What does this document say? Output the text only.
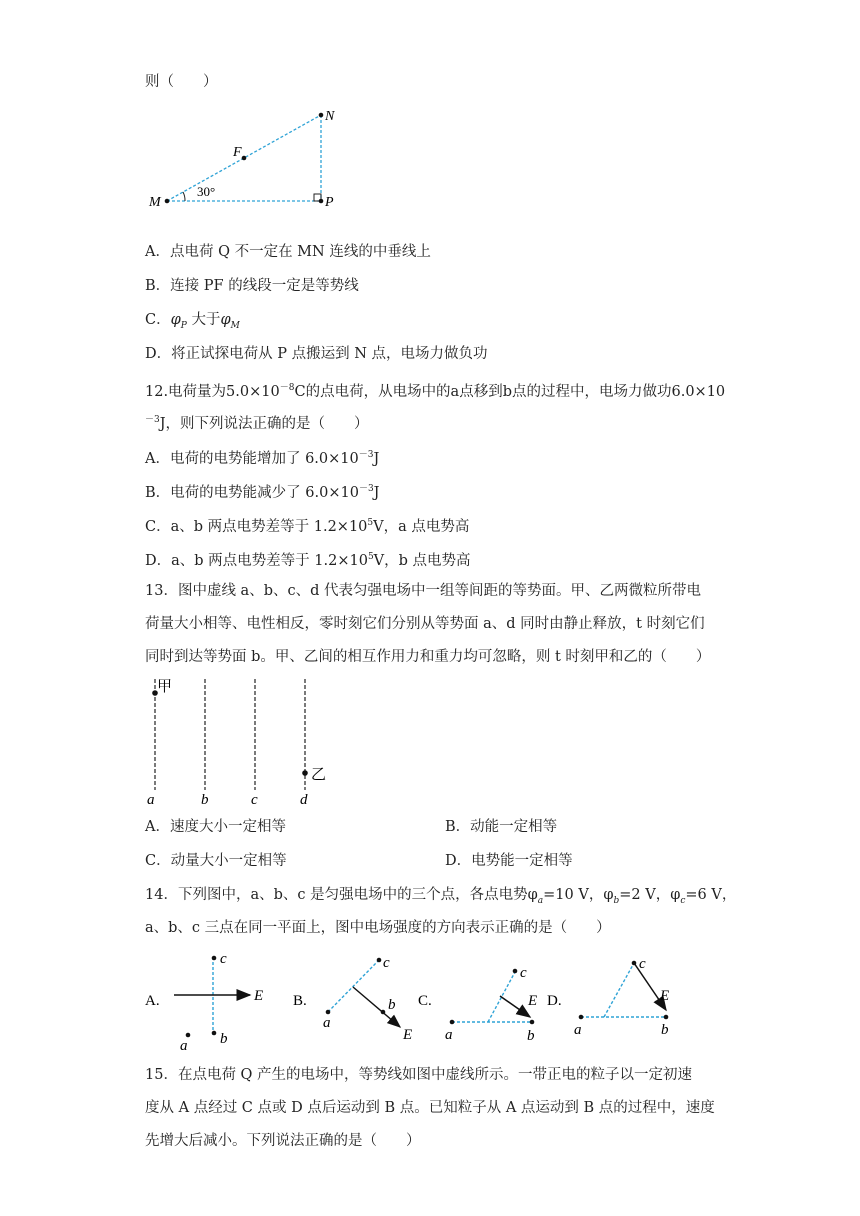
则（　　）
M
N
P
F
30°
A．点电荷 Q 不一定在 MN 连线的中垂线上
B．连接 PF 的线段一定是等势线
C．$\varphi_P$ 大于$\varphi_M$
D．将正试探电荷从 P 点搬运到 N 点，电场力做负功
12.电荷量为$5.0\times 10^{-8}C$的点电荷，从电场中的a点移到b点的过程中，电场力做功6.0×10
$^{-3}$J，则下列说法正确的是（　　）
A．电荷的电势能增加了 $6.0\times 10^{-3}J$
B．电荷的电势能减少了 $6.0\times 10^{-3}J$
C．a、b 两点电势差等于 $1.2\times 10^5V$，a 点电势高
D．a、b 两点电势差等于 $1.2\times 10^5V$，b 点电势高
13．图中虚线 a、b、c、d 代表匀强电场中一组等间距的等势面。甲、乙两微粒所带电
荷量大小相等、电性相反，零时刻它们分别从等势面 a、d 同时由静止释放，t 时刻它们
同时到达等势面 b。甲、乙间的相互作用力和重力均可忽略，则 t 时刻甲和乙的（　　）
甲
乙
a	b	c	d
A．速度大小一定相等	B．动能一定相等
C．动量大小一定相等	D．电势能一定相等
14．下列图中，a、b、c 是匀强电场中的三个点，各点电势$\varphi_a=10$ V，$\varphi_b=2$ V，$\varphi_c=6$ V，
a、b、c 三点在同一平面上，图中电场强度的方向表示正确的是（　　）
A.
c
b
a
E B.
c
b
a
E
C.
c
a	b
E D.
c
a	b
E
15．在点电荷 Q 产生的电场中，等势线如图中虚线所示。一带正电的粒子以一定初速
度从 A 点经过 C 点或 D 点后运动到 B 点。已知粒子从 A 点运动到 B 点的过程中，速度
先增大后减小。下列说法正确的是（　　）
